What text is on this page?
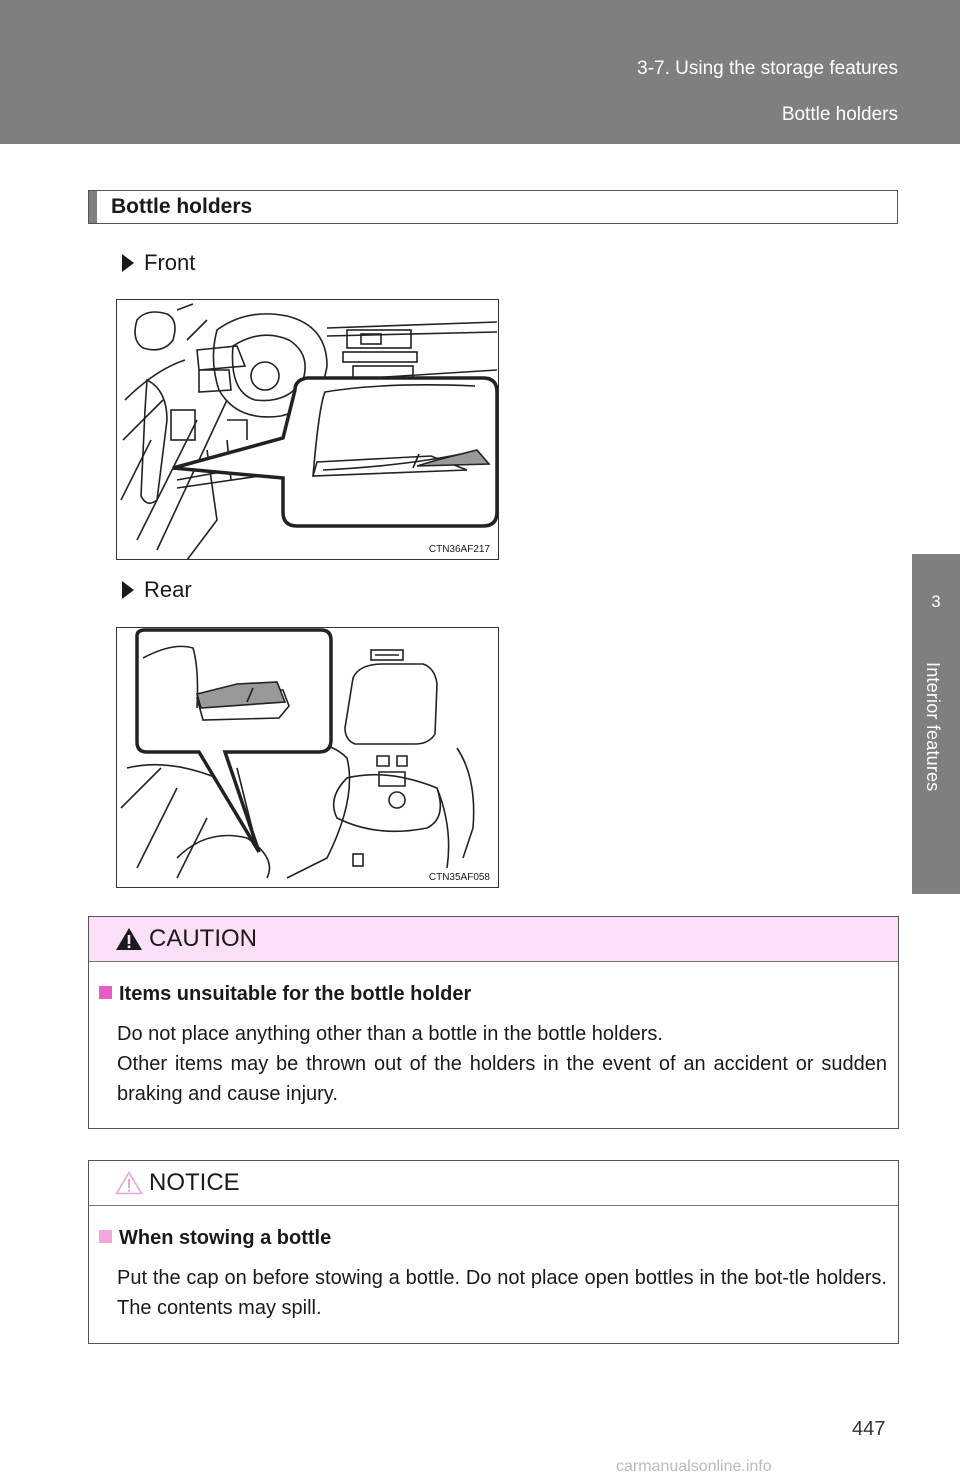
3-7. Using the storage features
Bottle holders
3
Interior features
Bottle holders
Front
CTN36AF217
Rear
CTN35AF058
CAUTION
Items unsuitable for the bottle holder
Do not place anything other than a bottle in the bottle holders.
Other items may be thrown out of the holders in the event of an accident or sudden braking and cause injury.
NOTICE
When stowing a bottle
Put the cap on before stowing a bottle. Do not place open bottles in the bot-tle holders. The contents may spill.
447
carmanualsonline.info
